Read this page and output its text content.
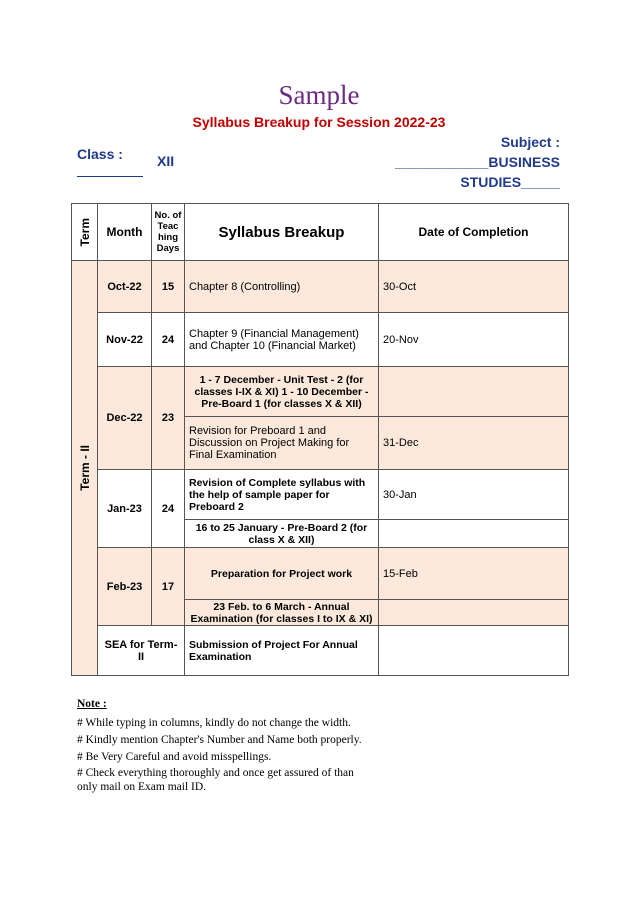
Sample
Syllabus Breakup for Session 2022-23
Class : XII
Subject :
____________BUSINESS
STUDIES_____
Term	Month	No. of Teac hing Days	Syllabus Breakup	Date of Completion

Term - II	Oct-22	15	Chapter 8 (Controlling)	30-Oct
	Nov-22	24	Chapter 9 (Financial Management) and Chapter 10 (Financial Market)	20-Nov
	Dec-22	23	1 - 7 December - Unit Test - 2 (for classes I-IX & XI) 1 - 10 December - Pre-Board 1 (for classes X & XII)	
			Revision for Preboard 1 and Discussion on Project Making for Final Examination	31-Dec
	Jan-23	24	Revision of Complete syllabus with the help of sample paper for Preboard 2	30-Jan
			16 to 25 January - Pre-Board 2 (for class X & XII)	
	Feb-23	17	Preparation for Project work	15-Feb
			23 Feb. to 6 March - Annual Examination (for classes I to IX & XI)	
	SEA for Term-II		Submission of Project For Annual Examination	
Note :
# While typing in columns, kindly do not change the width.
# Kindly mention Chapter's Number and Name both properly.
# Be Very Careful and avoid misspellings.
# Check everything thoroughly and once get assured of than only mail on Exam mail ID.
